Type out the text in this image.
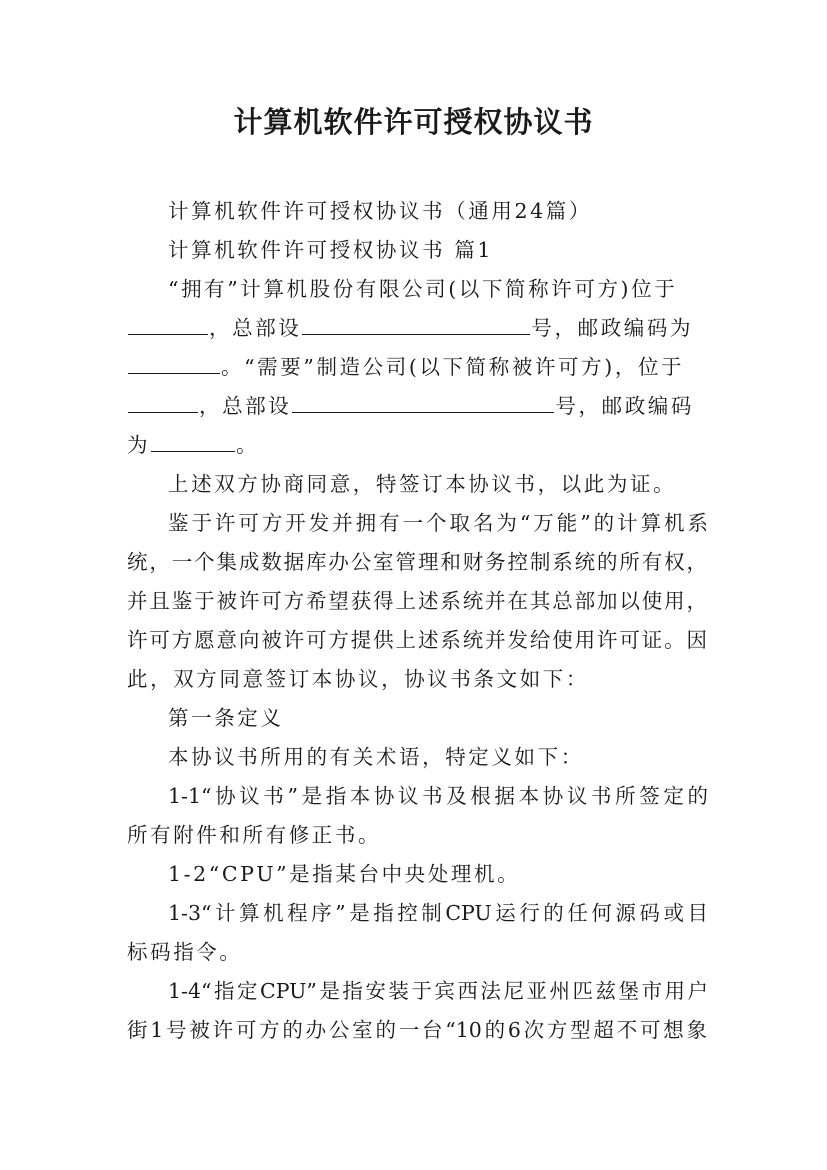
计算机软件许可授权协议书
计算机软件许可授权协议书（通用24篇）
计算机软件许可授权协议书 篇1
“拥有”计算机股份有限公司(以下简称许可方)位于
，总部设	号，邮政编码为
。“需要”制造公司(以下简称被许可方)，位于
，总部设	号，邮政编码
为	。
上述双方协商同意，特签订本协议书，以此为证。
鉴于许可方开发并拥有一个取名为“万能”的计算机系
统，一个集成数据库办公室管理和财务控制系统的所有权，
并且鉴于被许可方希望获得上述系统并在其总部加以使用，
许可方愿意向被许可方提供上述系统并发给使用许可证。因
此，双方同意签订本协议，协议书条文如下：
第一条定义
本协议书所用的有关术语，特定义如下：
1-1“协议书”是指本协议书及根据本协议书所签定的
所有附件和所有修正书。
1-2“CPU”是指某台中央处理机。
1-3“计算机程序”是指控制CPU运行的任何源码或目
标码指令。
1-4“指定CPU”是指安装于宾西法尼亚州匹兹堡市用户
街1号被许可方的办公室的一台“10的6次方型超不可想象
